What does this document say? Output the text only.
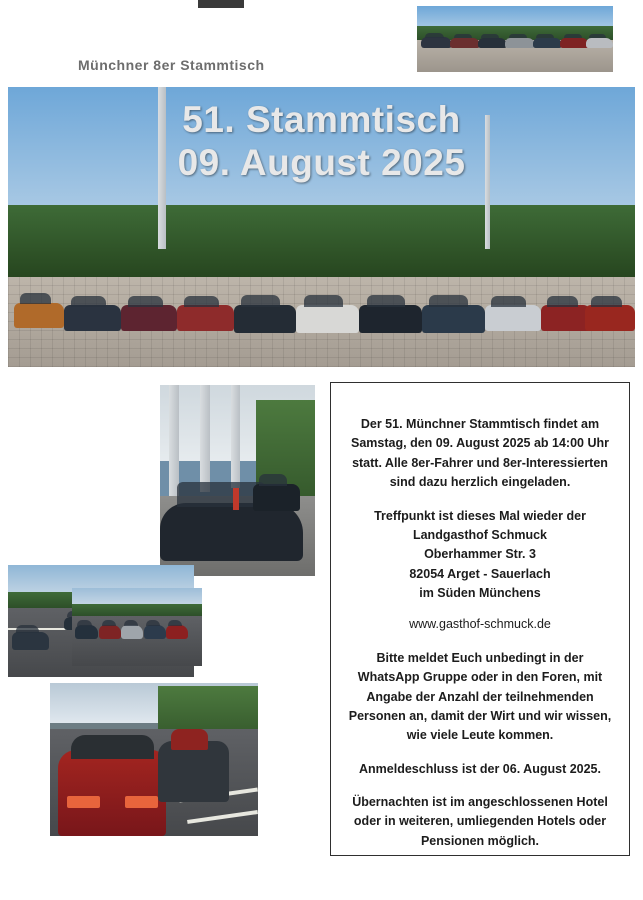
Münchner 8er Stammtisch
51. Stammtisch
09. August 2025

Der 51. Münchner Stammtisch findet am Samstag, den 09. August 2025 ab 14:00 Uhr statt. Alle 8er-Fahrer und 8er-Interessierten sind dazu herzlich eingeladen.

Treffpunkt ist dieses Mal wieder der
Landgasthof Schmuck
Oberhammer Str. 3
82054 Arget - Sauerlach
im Süden Münchens

www.gasthof-schmuck.de

Bitte meldet Euch unbedingt in der WhatsApp Gruppe oder in den Foren, mit Angabe der Anzahl der teilnehmenden Personen an, damit der Wirt und wir wissen, wie viele Leute kommen.

Anmeldeschluss ist der 06. August 2025.

Übernachten ist im angeschlossenen Hotel oder in weiteren, umliegenden Hotels oder Pensionen möglich.
